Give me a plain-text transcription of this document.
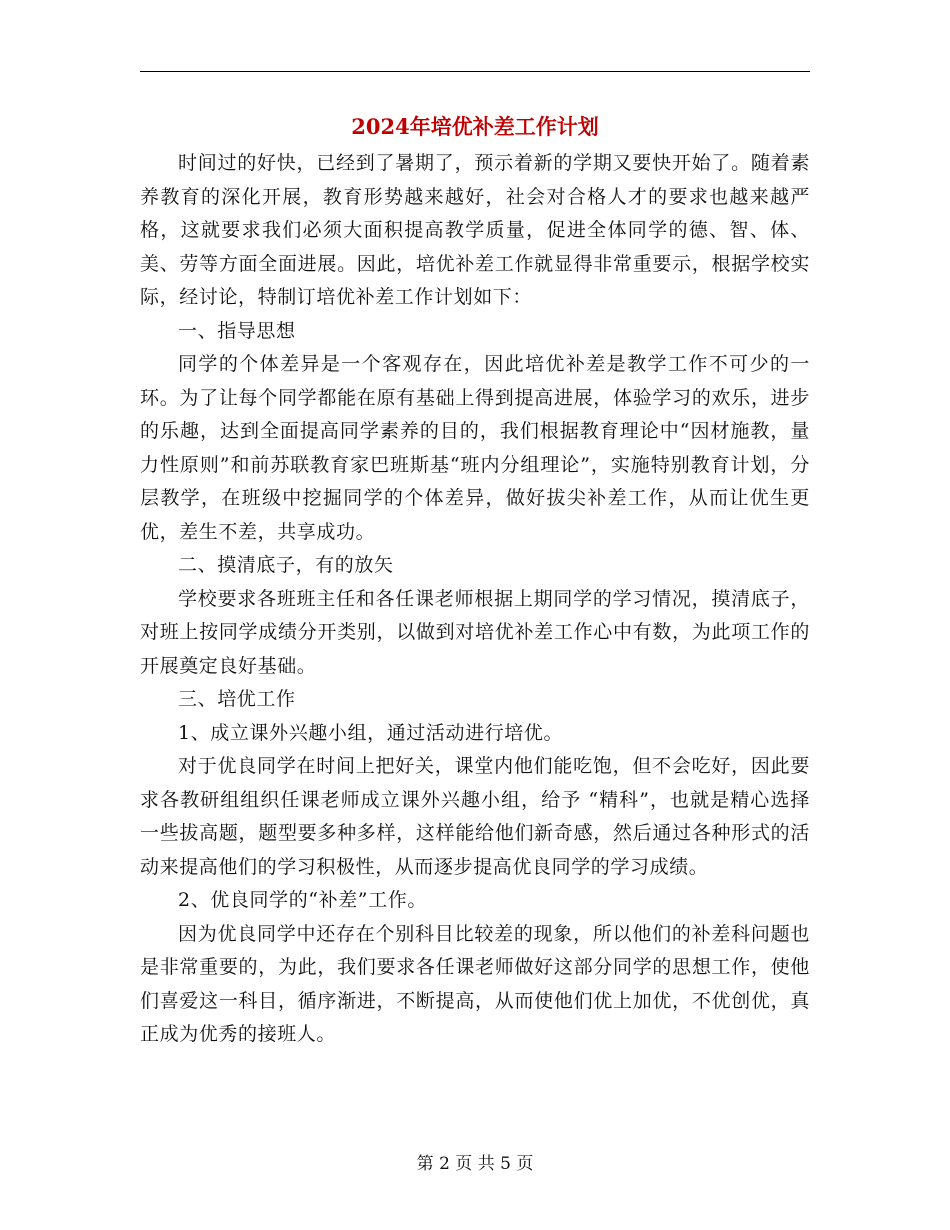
2024年培优补差工作计划

时间过的好快，已经到了暑期了，预示着新的学期又要快开始了。随着素养教育的深化开展，教育形势越来越好，社会对合格人才的要求也越来越严格，这就要求我们必须大面积提高教学质量，促进全体同学的德、智、体、美、劳等方面全面进展。因此，培优补差工作就显得非常重要示，根据学校实际，经讨论，特制订培优补差工作计划如下：

一、指导思想

同学的个体差异是一个客观存在，因此培优补差是教学工作不可少的一环。为了让每个同学都能在原有基础上得到提高进展，体验学习的欢乐，进步的乐趣，达到全面提高同学素养的目的，我们根据教育理论中“因材施教，量力性原则”和前苏联教育家巴班斯基“班内分组理论”，实施特别教育计划，分层教学，在班级中挖掘同学的个体差异，做好拔尖补差工作，从而让优生更优，差生不差，共享成功。

二、摸清底子，有的放矢

学校要求各班班主任和各任课老师根据上期同学的学习情况，摸清底子，对班上按同学成绩分开类别，以做到对培优补差工作心中有数，为此项工作的开展奠定良好基础。

三、培优工作

1、成立课外兴趣小组，通过活动进行培优。

对于优良同学在时间上把好关，课堂内他们能吃饱，但不会吃好，因此要求各教研组组织任课老师成立课外兴趣小组，给予 “精科”，也就是精心选择一些拔高题，题型要多种多样，这样能给他们新奇感，然后通过各种形式的活动来提高他们的学习积极性，从而逐步提高优良同学的学习成绩。

2、优良同学的“补差”工作。

因为优良同学中还存在个别科目比较差的现象，所以他们的补差科问题也是非常重要的，为此，我们要求各任课老师做好这部分同学的思想工作，使他们喜爱这一科目，循序渐进，不断提高，从而使他们优上加优，不优创优，真正成为优秀的接班人。

第 2 页 共 5 页
